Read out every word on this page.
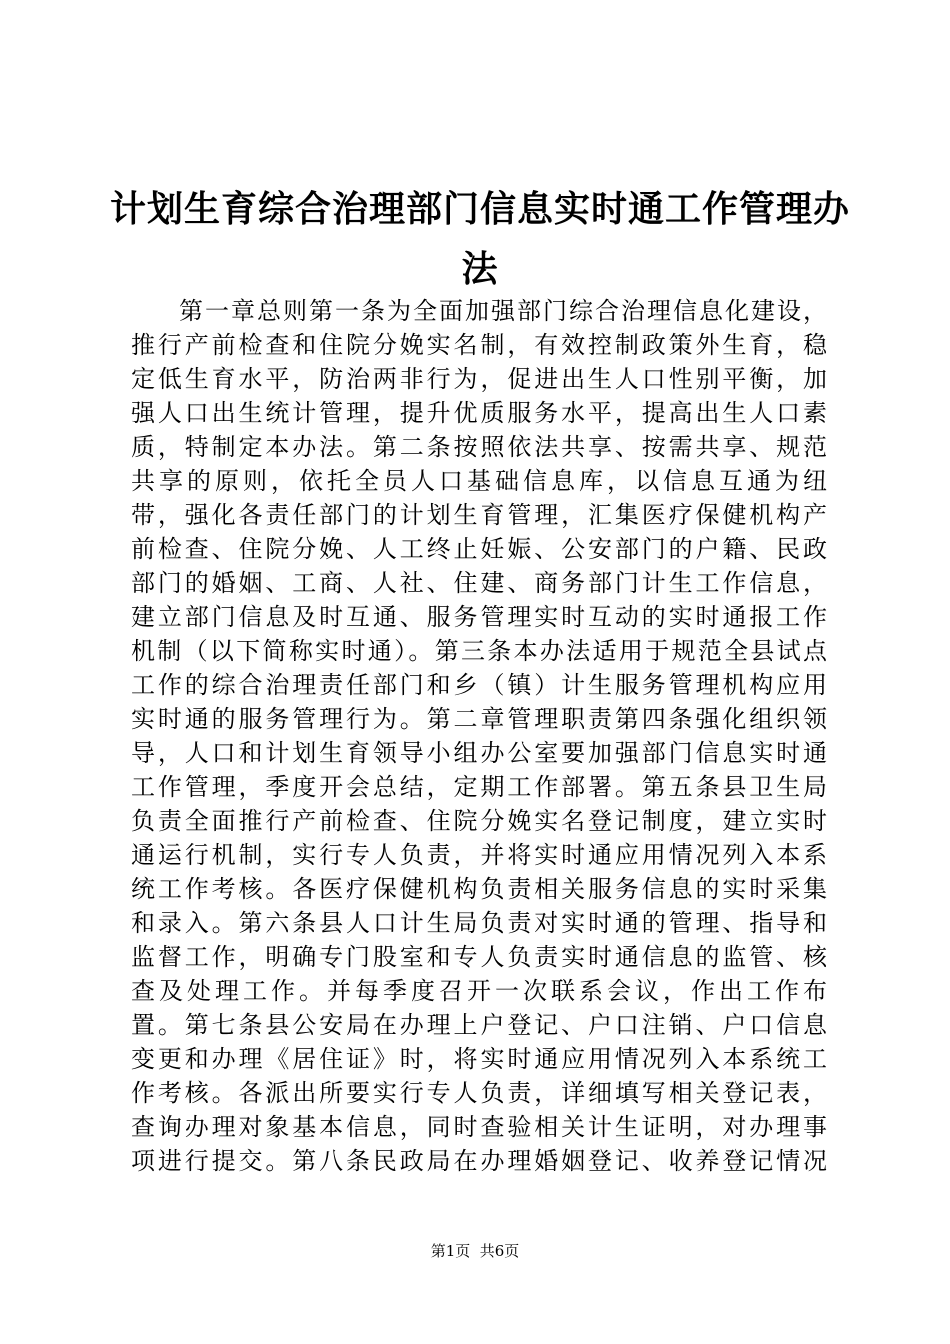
计划生育综合治理部门信息实时通工作管理办法

第一章总则第一条为全面加强部门综合治理信息化建设，推行产前检查和住院分娩实名制，有效控制政策外生育，稳定低生育水平，防治两非行为，促进出生人口性别平衡，加强人口出生统计管理，提升优质服务水平，提高出生人口素质，特制定本办法。第二条按照依法共享、按需共享、规范共享的原则，依托全员人口基础信息库，以信息互通为纽带，强化各责任部门的计划生育管理，汇集医疗保健机构产前检查、住院分娩、人工终止妊娠、公安部门的户籍、民政部门的婚姻、工商、人社、住建、商务部门计生工作信息，建立部门信息及时互通、服务管理实时互动的实时通报工作机制（以下简称实时通）。第三条本办法适用于规范全县试点工作的综合治理责任部门和乡（镇）计生服务管理机构应用实时通的服务管理行为。第二章管理职责第四条强化组织领导，人口和计划生育领导小组办公室要加强部门信息实时通工作管理，季度开会总结，定期工作部署。第五条县卫生局负责全面推行产前检查、住院分娩实名登记制度，建立实时通运行机制，实行专人负责，并将实时通应用情况列入本系统工作考核。各医疗保健机构负责相关服务信息的实时采集和录入。第六条县人口计生局负责对实时通的管理、指导和监督工作，明确专门股室和专人负责实时通信息的监管、核查及处理工作。并每季度召开一次联系会议，作出工作布置。第七条县公安局在办理上户登记、户口注销、户口信息变更和办理《居住证》时，将实时通应用情况列入本系统工作考核。各派出所要实行专人负责，详细填写相关登记表，查询办理对象基本信息，同时查验相关计生证明，对办理事项进行提交。第八条民政局在办理婚姻登记、收养登记情况

第1页  共6页
